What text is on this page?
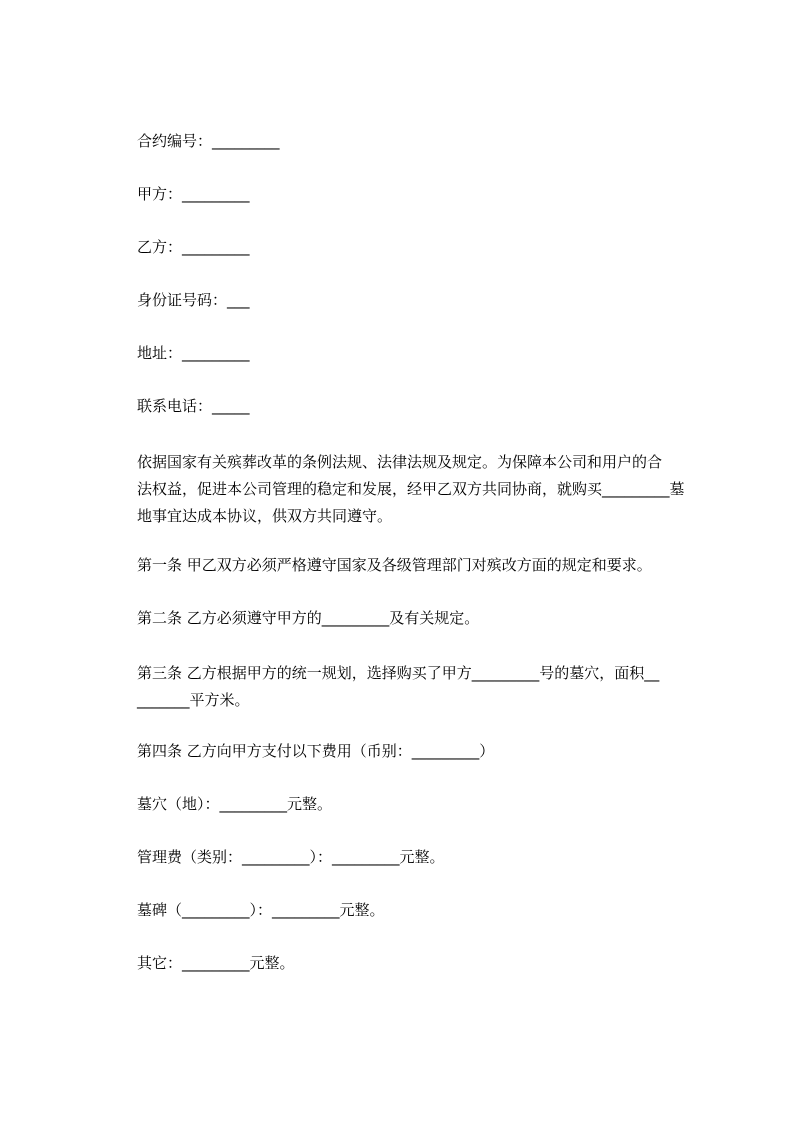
合约编号：_________
甲方：_________
乙方：_________
身份证号码：___
地址：_________
联系电话：_____
依据国家有关殡葬改革的条例法规、法律法规及规定。为保障本公司和用户的合
法权益，促进本公司管理的稳定和发展，经甲乙双方共同协商，就购买_________墓
地事宜达成本协议，供双方共同遵守。
第一条 甲乙双方必须严格遵守国家及各级管理部门对殡改方面的规定和要求。
第二条 乙方必须遵守甲方的_________及有关规定。
第三条 乙方根据甲方的统一规划，选择购买了甲方_________号的墓穴，面积__
_______平方米。
第四条 乙方向甲方支付以下费用（币别：_________）
墓穴（地）：_________元整。
管理费（类别：_________）：_________元整。
墓碑（_________）：_________元整。
其它：_________元整。
